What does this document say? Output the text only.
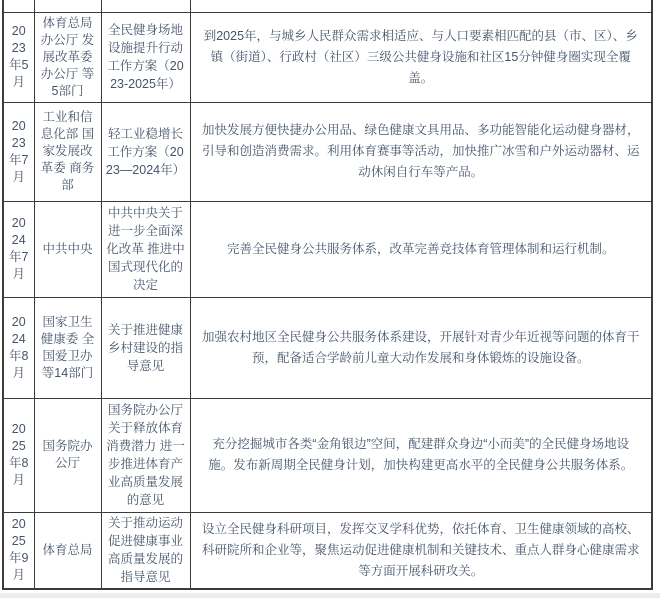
2023年5月	体育总局办公厅 发展改革委办公厅 等5部门	全民健身场地设施提升行动工作方案（2023-2025年）	到2025年，与城乡人民群众需求相适应、与人口要素相匹配的县（市、区）、乡镇（街道）、行政村（社区）三级公共健身设施和社区15分钟健身圈实现全覆盖。
2023年7月	工业和信息化部 国家发展改革委 商务部	轻工业稳增长工作方案（2023—2024年）	加快发展方便快捷办公用品、绿色健康文具用品、多功能智能化运动健身器材，引导和创造消费需求。利用体育赛事等活动，加快推广冰雪和户外运动器材、运动休闲自行车等产品。
2024年7月	中共中央	中共中央关于进一步全面深化改革 推进中国式现代化的决定	完善全民健身公共服务体系，改革完善竞技体育管理体制和运行机制。
2024年8月	国家卫生健康委 全国爱卫办等14部门	关于推进健康乡村建设的指导意见	加强农村地区全民健身公共服务体系建设，开展针对青少年近视等问题的体育干预，配备适合学龄前儿童大动作发展和身体锻炼的设施设备。
2025年8月	国务院办公厅	国务院办公厅关于释放体育消费潜力 进一步推进体育产业高质量发展的意见	充分挖掘城市各类“金角银边”空间，配建群众身边“小而美”的全民健身场地设施。发布新周期全民健身计划，加快构建更高水平的全民健身公共服务体系。
2025年9月	体育总局	关于推动运动促进健康事业高质量发展的指导意见	设立全民健身科研项目，发挥交叉学科优势，依托体育、卫生健康领域的高校、科研院所和企业等，聚焦运动促进健康机制和关键技术、重点人群身心健康需求等方面开展科研攻关。
